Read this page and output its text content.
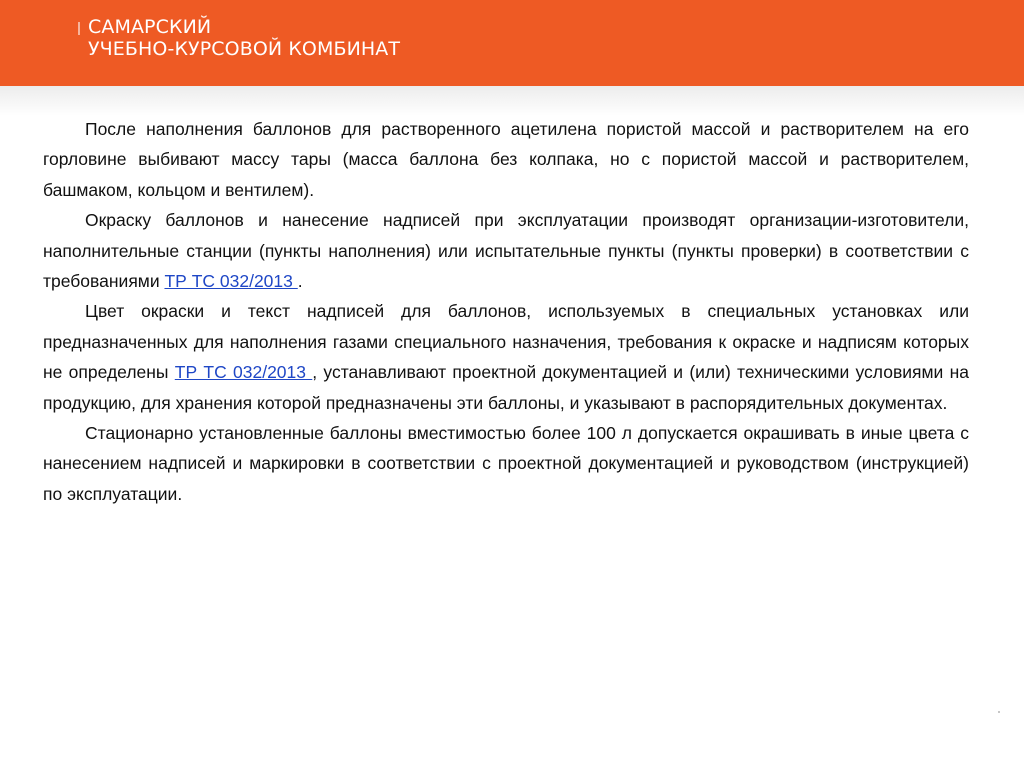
САМАРСКИЙ
УЧЕБНО-КУРСОВОЙ КОМБИНАТ

После наполнения баллонов для растворенного ацетилена пористой массой и растворителем на его горловине выбивают массу тары (масса баллона без колпака, но с пористой массой и растворителем, башмаком, кольцом и вентилем).

Окраску баллонов и нанесение надписей при эксплуатации производят организации-изготовители, наполнительные станции (пункты наполнения) или испытательные пункты (пункты проверки) в соответствии с требованиями ТР ТС 032/2013 .

Цвет окраски и текст надписей для баллонов, используемых в специальных установках или предназначенных для наполнения газами специального назначения, требования к окраске и надписям которых не определены ТР ТС 032/2013 , устанавливают проектной документацией и (или) техническими условиями на продукцию, для хранения которой предназначены эти баллоны, и указывают в распорядительных документах.

Стационарно установленные баллоны вместимостью более 100 л допускается окрашивать в иные цвета с нанесением надписей и маркировки в соответствии с проектной документацией и руководством (инструкцией) по эксплуатации.
